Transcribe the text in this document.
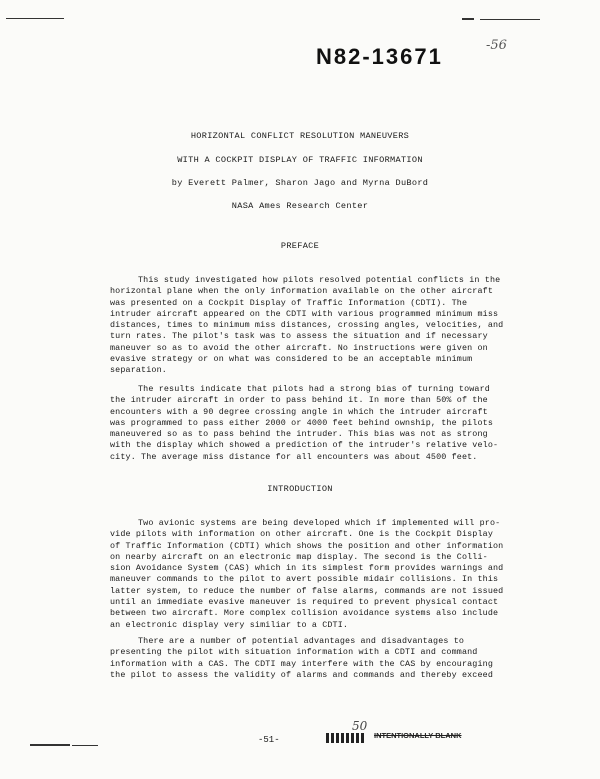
N82-13671	-56
HORIZONTAL CONFLICT RESOLUTION MANEUVERS
WITH A COCKPIT DISPLAY OF TRAFFIC INFORMATION
by Everett Palmer, Sharon Jago and Myrna DuBord
NASA Ames Research Center
PREFACE
This study investigated how pilots resolved potential conflicts in the
horizontal plane when the only information available on the other aircraft
was presented on a Cockpit Display of Traffic Information (CDTI). The
intruder aircraft appeared on the CDTI with various programmed minimum miss
distances, times to minimum miss distances, crossing angles, velocities, and
turn rates. The pilot's task was to assess the situation and if necessary
maneuver so as to avoid the other aircraft. No instructions were given on
evasive strategy or on what was considered to be an acceptable minimum
separation.
The results indicate that pilots had a strong bias of turning toward
the intruder aircraft in order to pass behind it. In more than 50% of the
encounters with a 90 degree crossing angle in which the intruder aircraft
was programmed to pass either 2000 or 4000 feet behind ownship, the pilots
maneuvered so as to pass behind the intruder. This bias was not as strong
with the display which showed a prediction of the intruder's relative velo-
city. The average miss distance for all encounters was about 4500 feet.
INTRODUCTION
Two avionic systems are being developed which if implemented will pro-
vide pilots with information on other aircraft. One is the Cockpit Display
of Traffic Information (CDTI) which shows the position and other information
on nearby aircraft on an electronic map display. The second is the Colli-
sion Avoidance System (CAS) which in its simplest form provides warnings and
maneuver commands to the pilot to avert possible midair collisions. In this
latter system, to reduce the number of false alarms, commands are not issued
until an immediate evasive maneuver is required to prevent physical contact
between two aircraft. More complex collision avoidance systems also include
an electronic display very similiar to a CDTI.
There are a number of potential advantages and disadvantages to
presenting the pilot with situation information with a CDTI and command
information with a CAS. The CDTI may interfere with the CAS by encouraging
the pilot to assess the validity of alarms and commands and thereby exceed
-51-
50
INTENTIONALLY BLANK
